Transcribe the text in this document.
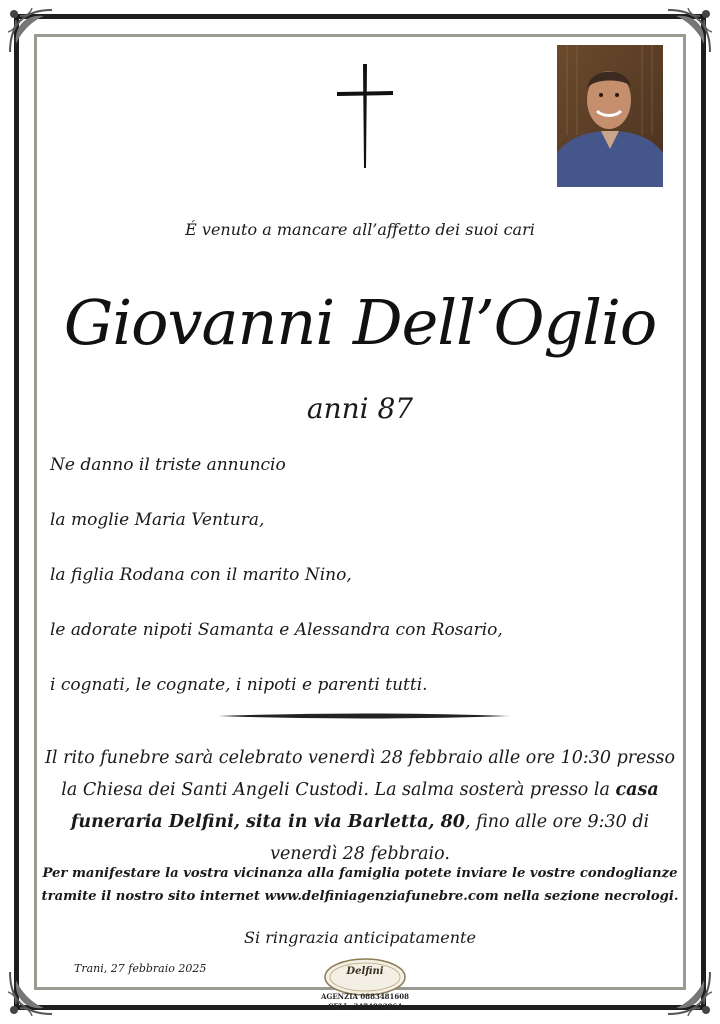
É venuto a mancare all’affetto dei suoi cari
Giovanni Dell’Oglio
anni 87
Ne danno il triste annuncio
la moglie Maria Ventura,
la figlia Rodana con il marito Nino,
le adorate nipoti Samanta e Alessandra con Rosario,
i cognati, le cognate, i nipoti e parenti tutti.
Il rito funebre sarà celebrato venerdì 28 febbraio alle ore 10:30 presso la Chiesa dei Santi Angeli Custodi. La salma sosterà presso la casa funeraria Delfini, sita in via Barletta, 80, fino alle ore 9:30 di venerdì 28 febbraio.
Per manifestare la vostra vicinanza alla famiglia potete inviare le vostre condoglianze
tramite il nostro sito internet www.delfiniagenziafunebre.com nella sezione necrologi.
Si ringrazia anticipatamente
Trani, 27 febbraio 2025	Delfini
AGENZIA 0883481608
CELL. 3474803864
